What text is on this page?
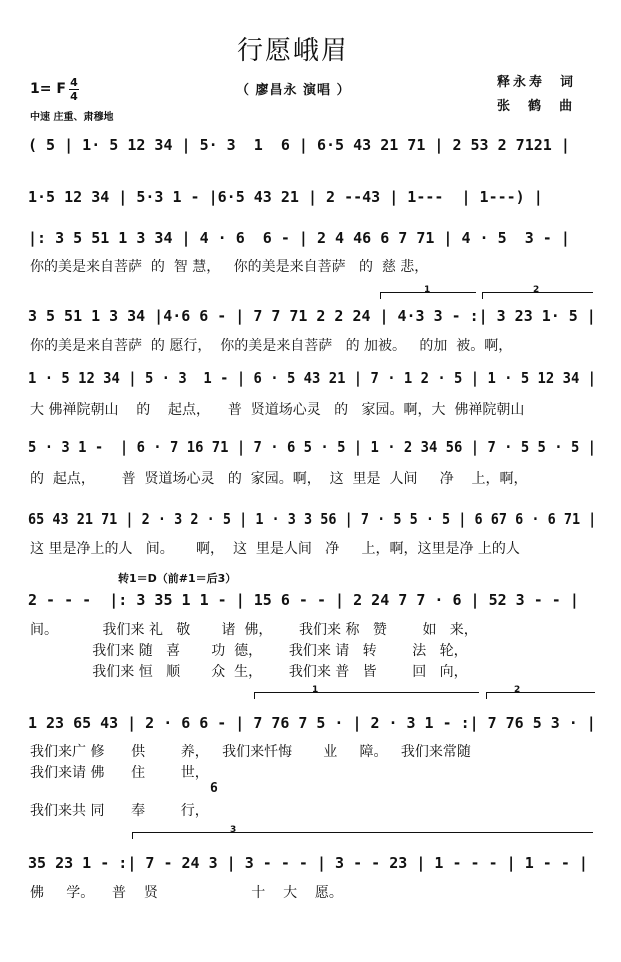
行愿峨眉
（ 廖昌永 演唱 ）
释永寿  词
张  鹤  曲
1= F 4
4
中速 庄重、肃穆地
( 5 | 1· 5 12 34 | 5· 3  1  6 | 6·5 43 21 71 | 2 53 2 7121 |
1·5 12 34 | 5·3 1 - |6·5 43 21 | 2 --43 | 1---  | 1---) |
|: 3 5 51 1 3 34 | 4 · 6  6 - | 2 4 46 6 7 71 | 4 · 5  3 - |
你的美是来自菩萨  的  智 慧，   你的美是来自菩萨   的  慈 悲，
1	2
3 5 51 1 3 34 |4·6 6 - | 7 7 71 2 2 24 | 4·3 3 - :| 3 23 1· 5 |
你的美是来自菩萨  的 愿行，  你的美是来自菩萨   的 加被。   的加  被。啊，
1 · 5 12 34 | 5 · 3  1 - | 6 · 5 43 21 | 7 · 1 2 · 5 | 1 · 5 12 34 |
大 佛禅院朝山    的    起点，    普  贤道场心灵   的   家园。啊，大  佛禅院朝山
5 · 3 1 -  | 6 · 7 16 71 | 7 · 6 5 · 5 | 1 · 2 34 56 | 7 · 5 5 · 5 |
的  起点，      普  贤道场心灵   的  家园。啊，  这  里是  人间     净    上，啊，
65 43 21 71 | 2 · 3 2 · 5 | 1 · 3 3 56 | 7 · 5 5 · 5 | 6 67 6 · 6 71 |
这 里是净上的人   间。     啊，  这  里是人间   净     上，啊，这里是净 上的人
转1＝D（前#1＝后3）
2 - - -  |: 3 35 1 1 - | 15 6 - - | 2 24 7 7 · 6 | 52 3 - - |
间。          我们来 礼   敬       诸  佛，      我们来 称   赞        如   来，
我们来 随   喜       功  德，      我们来 请   转        法   轮，
我们来 恒   顺       众  生，      我们来 普   皆        回   向，
1	2
1 23 65 43 | 2 · 6 6 - | 7 76 7 5 · | 2 · 3 1 - :| 7 76 5 3 · |
我们来广 修      供        养，   我们来忏悔       业     障。   我们来常随
我们来请 佛      住        世，
6
我们来共 同      奉        行，
3
35 23 1 - :| 7 - 24 3 | 3 - - - | 3 - - 23 | 1 - - - | 1 - - |
佛     学。    普    贤                     十    大    愿。
